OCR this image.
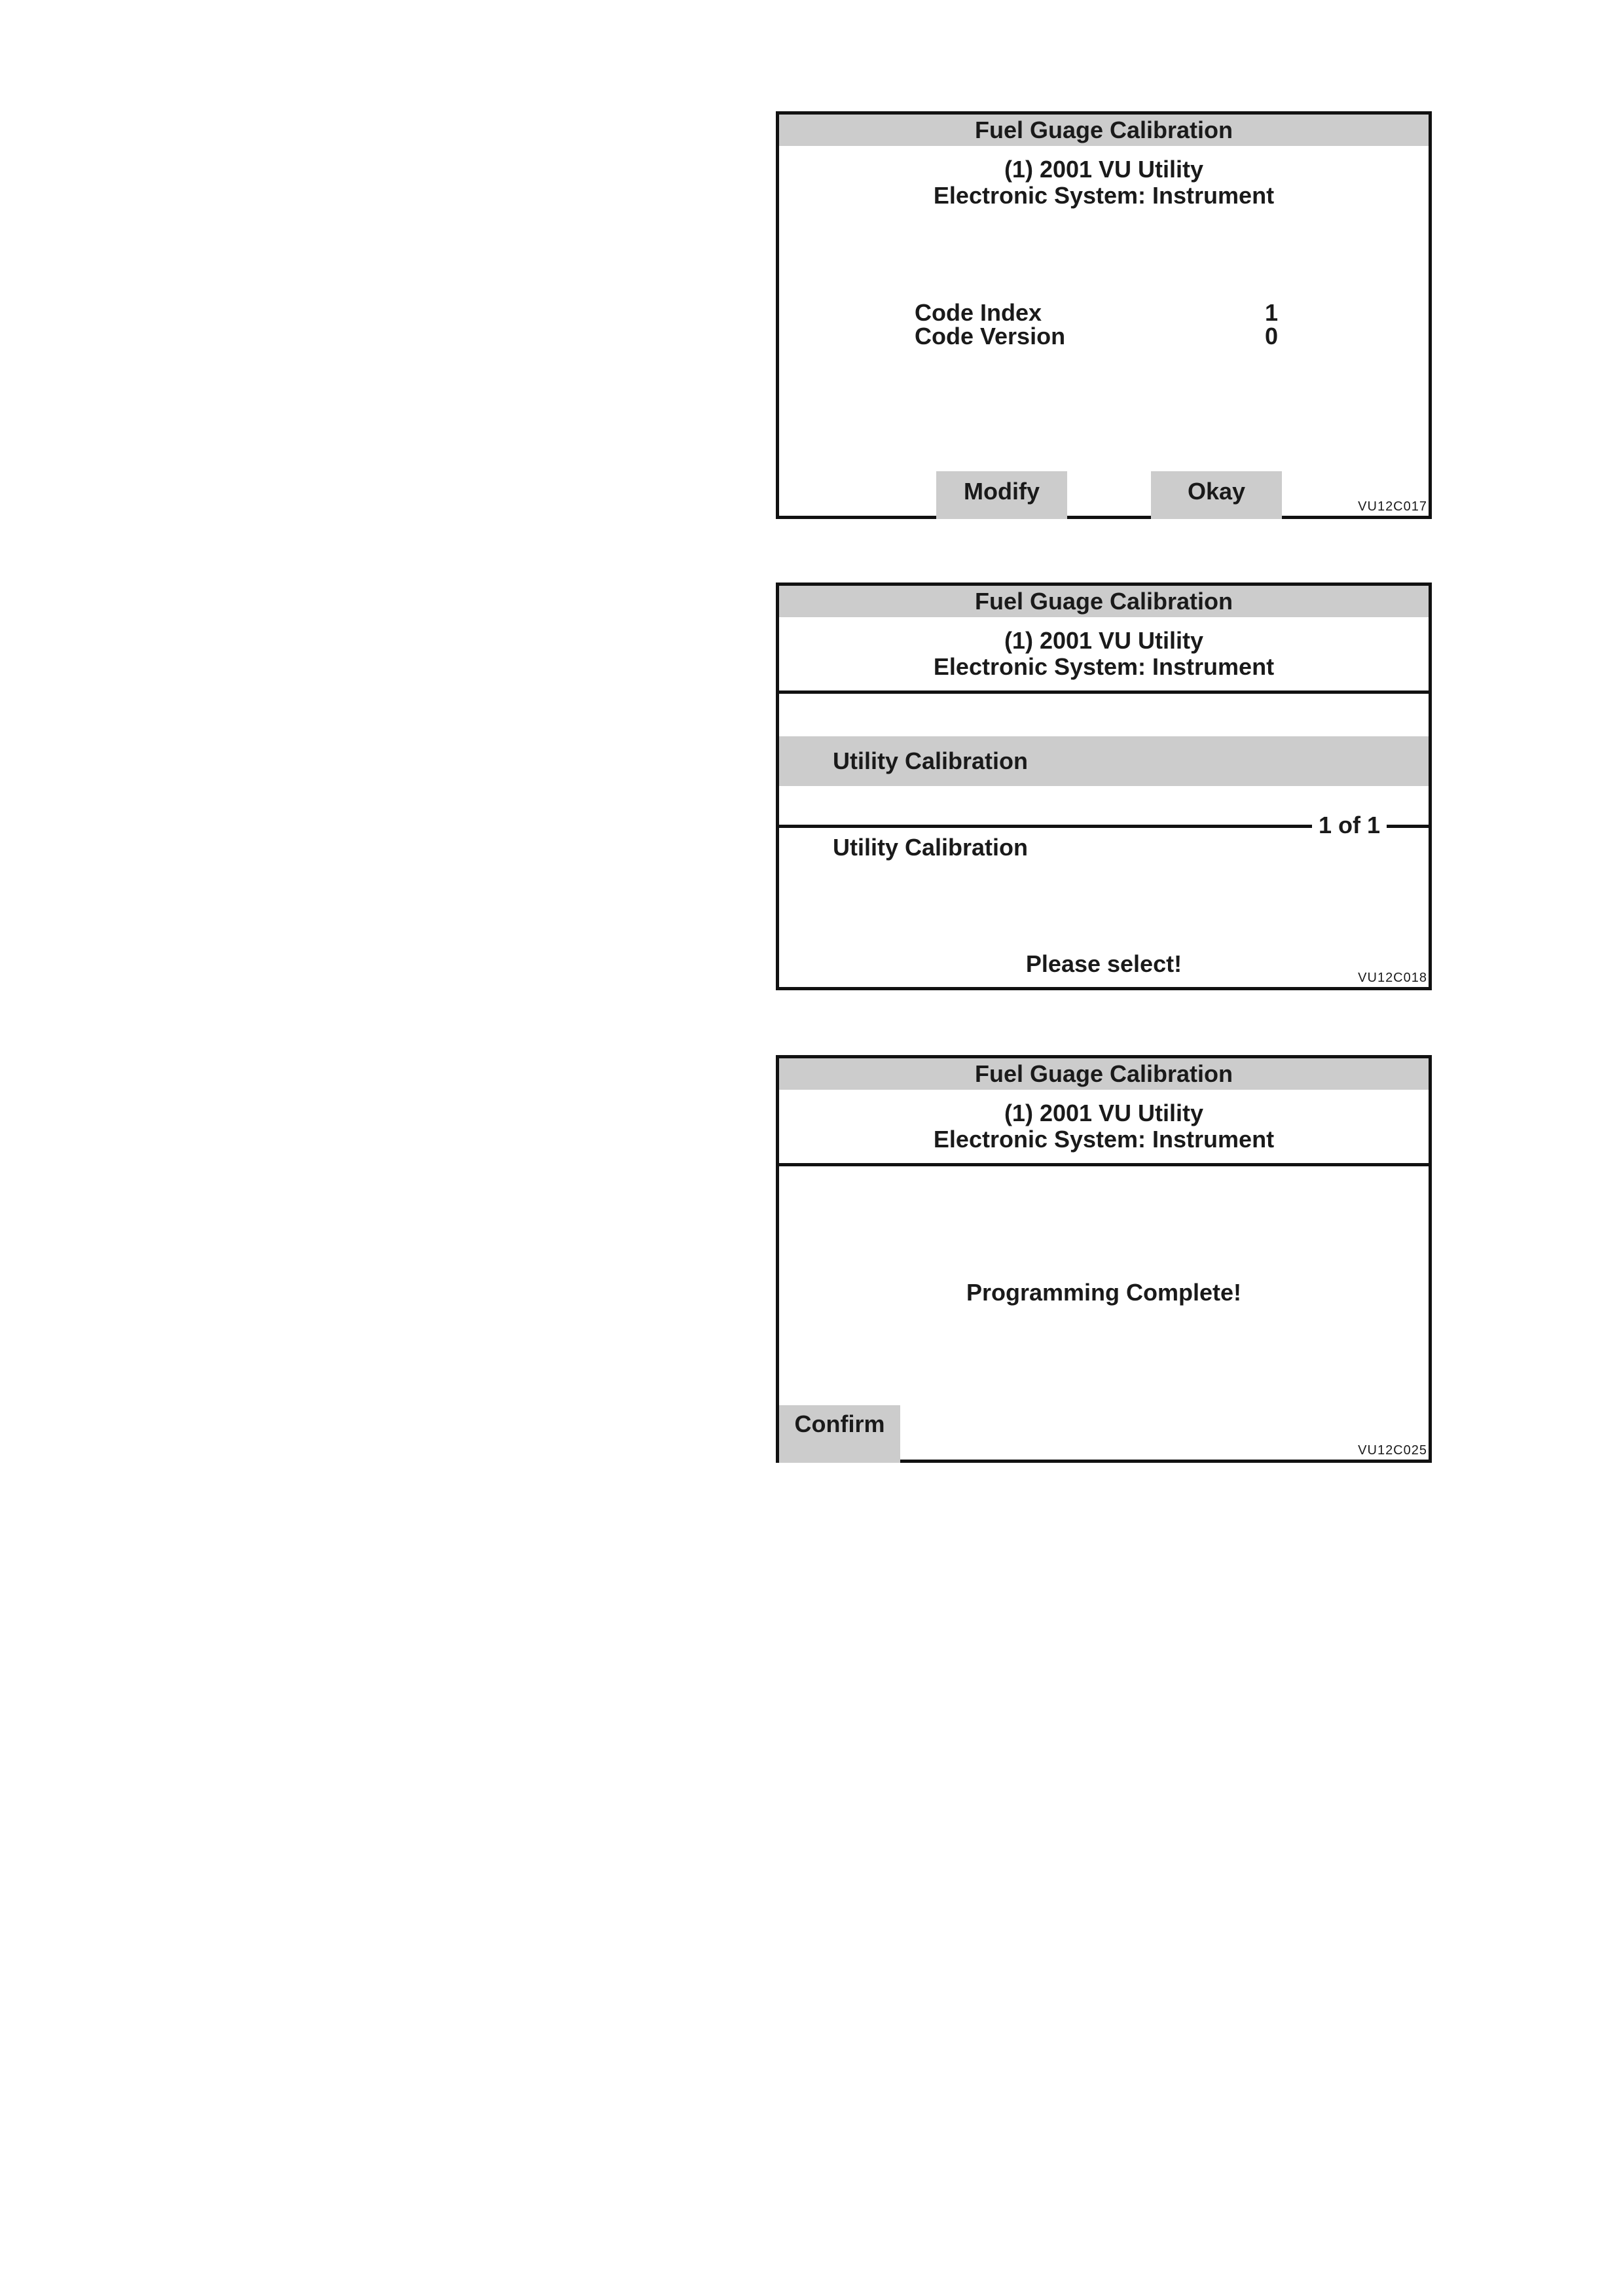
Fuel Guage Calibration
(1) 2001 VU Utility
Electronic System: Instrument
Code Index	1
Code Version	0
Modify	Okay
VU12C017
Fuel Guage Calibration
(1) 2001 VU Utility
Electronic System: Instrument
Utility Calibration
1 of 1
Utility Calibration
Please select!
VU12C018
Fuel Guage Calibration
(1) 2001 VU Utility
Electronic System: Instrument
Programming Complete!
Confirm
VU12C025
